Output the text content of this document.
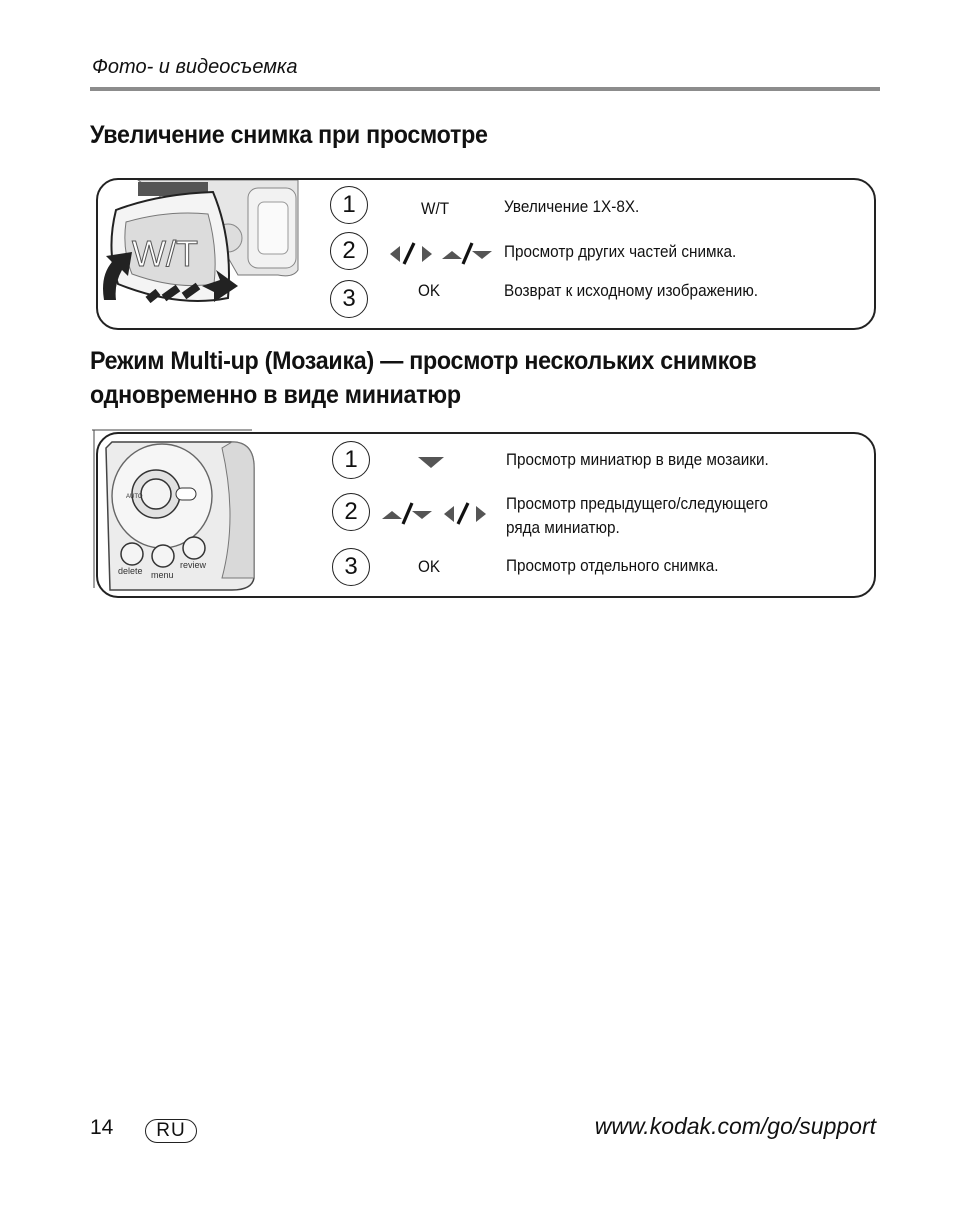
Фото- и видеосъемка
Увеличение снимка при просмотре
W/T
1	W/T	Увеличение 1X-8X.
2	Просмотр других частей снимка.
3	OK	Возврат к исходному изображению.
Режим Multi-up (Мозаика) — просмотр нескольких снимков
одновременно в виде миниатюр
AUTO
delete menu
review
1	Просмотр миниатюр в виде мозаики.
2	Просмотр предыдущего/следующего
ряда миниатюр.
3	OK	Просмотр отдельного снимка.
14	RU	www.kodak.com/go/support
